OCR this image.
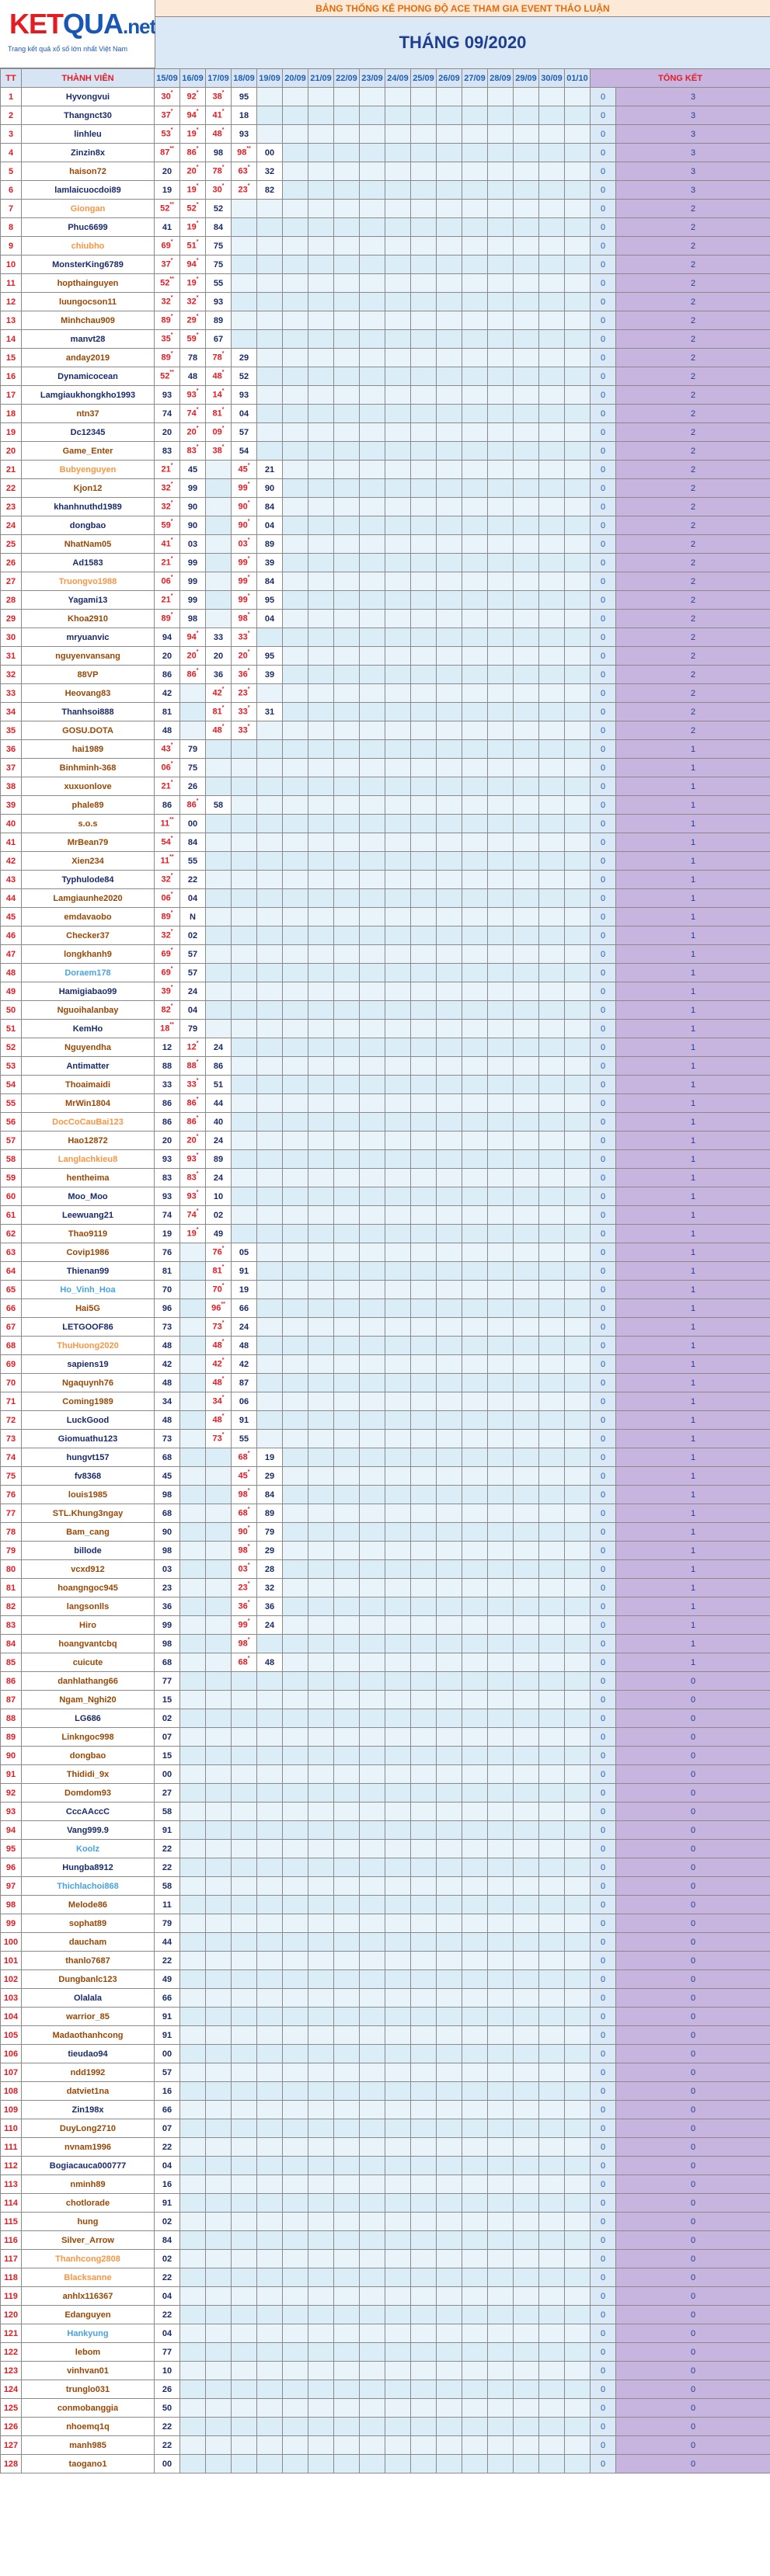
KETQUA.net
Trang kết quả xổ số lớn nhất Việt Nam
BẢNG THỐNG KÊ PHONG ĐỘ ACE THAM GIA EVENT THẢO LUẬN
THÁNG 09/2020
TT	THÀNH VIÊN	15/09	16/09	17/09	18/09	19/09	20/09	21/09	22/09	23/09	24/09	25/09	26/09	27/09	28/09	29/09	30/09	01/10	TỔNG KẾT	
1	Hyvongvui	30*	92*	38*	95														0	3
2	Thangnct30	37*	94*	41*	18														0	3
3	linhleu	53*	19*	48*	93														0	3
4	Zinzin8x	87**	86*	98	98**	00													0	3
5	haison72	20	20*	78*	63*	32													0	3
6	lamlaicuocdoi89	19	19*	30*	23*	82													0	3
7	Giongan	52**	52*	52															0	2
8	Phuc6699	41	19*	84															0	2
9	chiubho	69*	51*	75															0	2
10	MonsterKing6789	37*	94*	75															0	2
11	hopthainguyen	52**	19*	55															0	2
12	luungocson11	32*	32*	93															0	2
13	Minhchau909	89*	29*	89															0	2
14	manvt28	35*	59*	67															0	2
15	anday2019	89*	78	78*	29														0	2
16	Dynamicocean	52**	48	48*	52														0	2
17	Lamgiaukhongkho1993	93	93*	14*	93														0	2
18	ntn37	74	74*	81*	04														0	2
19	Dc12345	20	20*	09*	57														0	2
20	Game_Enter	83	83*	38*	54														0	2
21	Bubyenguyen	21*	45		45*	21													0	2
22	Kjon12	32*	99		99*	90													0	2
23	khanhnuthd1989	32*	90		90*	84													0	2
24	dongbao	59*	90		90*	04													0	2
25	NhatNam05	41*	03		03*	89													0	2
26	Ad1583	21*	99		99*	39													0	2
27	Truongvo1988	06*	99		99*	84													0	2
28	Yagami13	21*	99		99*	95													0	2
29	Khoa2910	89*	98		98*	04													0	2
30	mryuanvic	94	94*	33	33*														0	2
31	nguyenvansang	20	20*	20	20*	95													0	2
32	88VP	86	86*	36	36*	39													0	2
33	Heovang83	42		42*	23*														0	2
34	Thanhsoi888	81		81*	33*	31													0	2
35	GOSU.DOTA	48		48*	33*														0	2
36	hai1989	43*	79																0	1
37	Binhminh-368	06*	75																0	1
38	xuxuonlove	21*	26																0	1
39	phale89	86	86*	58															0	1
40	s.o.s	11**	00																0	1
41	MrBean79	54*	84																0	1
42	Xien234	11**	55																0	1
43	Typhulode84	32*	22																0	1
44	Lamgiaunhe2020	06*	04																0	1
45	emdavaobo	89*	N																0	1
46	Checker37	32*	02																0	1
47	longkhanh9	69*	57																0	1
48	Doraem178	69*	57																0	1
49	Hamigiabao99	39*	24																0	1
50	Nguoihalanbay	82*	04																0	1
51	KemHo	18**	79																0	1
52	Nguyendha	12	12*	24															0	1
53	Antimatter	88	88*	86															0	1
54	Thoaimaidi	33	33*	51															0	1
55	MrWin1804	86	86*	44															0	1
56	DocCoCauBai123	86	86*	40															0	1
57	Hao12872	20	20*	24															0	1
58	Langlachkieu8	93	93*	89															0	1
59	hentheima	83	83*	24															0	1
60	Moo_Moo	93	93*	10															0	1
61	Leewuang21	74	74*	02															0	1
62	Thao9119	19	19*	49															0	1
63	Covip1986	76		76*	05														0	1
64	Thienan99	81		81*	91														0	1
65	Ho_Vinh_Hoa	70		70*	19														0	1
66	Hai5G	96		96**	66														0	1
67	LETGOOF86	73		73*	24														0	1
68	ThuHuong2020	48		48*	48														0	1
69	sapiens19	42		42*	42														0	1
70	Ngaquynh76	48		48*	87														0	1
71	Coming1989	34		34*	06														0	1
72	LuckGood	48		48*	91														0	1
73	Giomuathu123	73		73*	55														0	1
74	hungvt157	68			68*	19													0	1
75	fv8368	45			45*	29													0	1
76	louis1985	98			98*	84													0	1
77	STL.Khung3ngay	68			68*	89													0	1
78	Bam_cang	90			90*	79													0	1
79	billode	98			98*	29													0	1
80	vcxd912	03			03*	28													0	1
81	hoangngoc945	23			23*	32													0	1
82	langsonlls	36			36*	36													0	1
83	Hiro	99			99*	24													0	1
84	hoangvantcbq	98			98*														0	1
85	cuicute	68			68*	48													0	1
86	danhlathang66	77																	0	0
87	Ngam_Nghi20	15																	0	0
88	LG686	02																	0	0
89	Linkngoc998	07																	0	0
90	dongbao	15																	0	0
91	Thididi_9x	00																	0	0
92	Domdom93	27																	0	0
93	CccAAccC	58																	0	0
94	Vang999.9	91																	0	0
95	Koolz	22																	0	0
96	Hungba8912	22																	0	0
97	Thichlachoi868	58																	0	0
98	Melode86	11																	0	0
99	sophat89	79																	0	0
100	daucham	44																	0	0
101	thanlo7687	22																	0	0
102	Dungbanlc123	49																	0	0
103	Olalala	66																	0	0
104	warrior_85	91																	0	0
105	Madaothanhcong	91																	0	0
106	tieudao94	00																	0	0
107	ndd1992	57																	0	0
108	datviet1na	16																	0	0
109	Zin198x	66																	0	0
110	DuyLong2710	07																	0	0
111	nvnam1996	22																	0	0
112	Bogiacauca000777	04																	0	0
113	nminh89	16																	0	0
114	chotlorade	91																	0	0
115	hung	02																	0	0
116	Silver_Arrow	84																	0	0
117	Thanhcong2808	02																	0	0
118	Blacksanne	22																	0	0
119	anhlx116367	04																	0	0
120	Edanguyen	22																	0	0
121	Hankyung	04																	0	0
122	lebom	77																	0	0
123	vinhvan01	10																	0	0
124	trunglo031	26																	0	0
125	conmobanggia	50																	0	0
126	nhoemq1q	22																	0	0
127	manh985	22																	0	0
128	taogano1	00																	0	0
